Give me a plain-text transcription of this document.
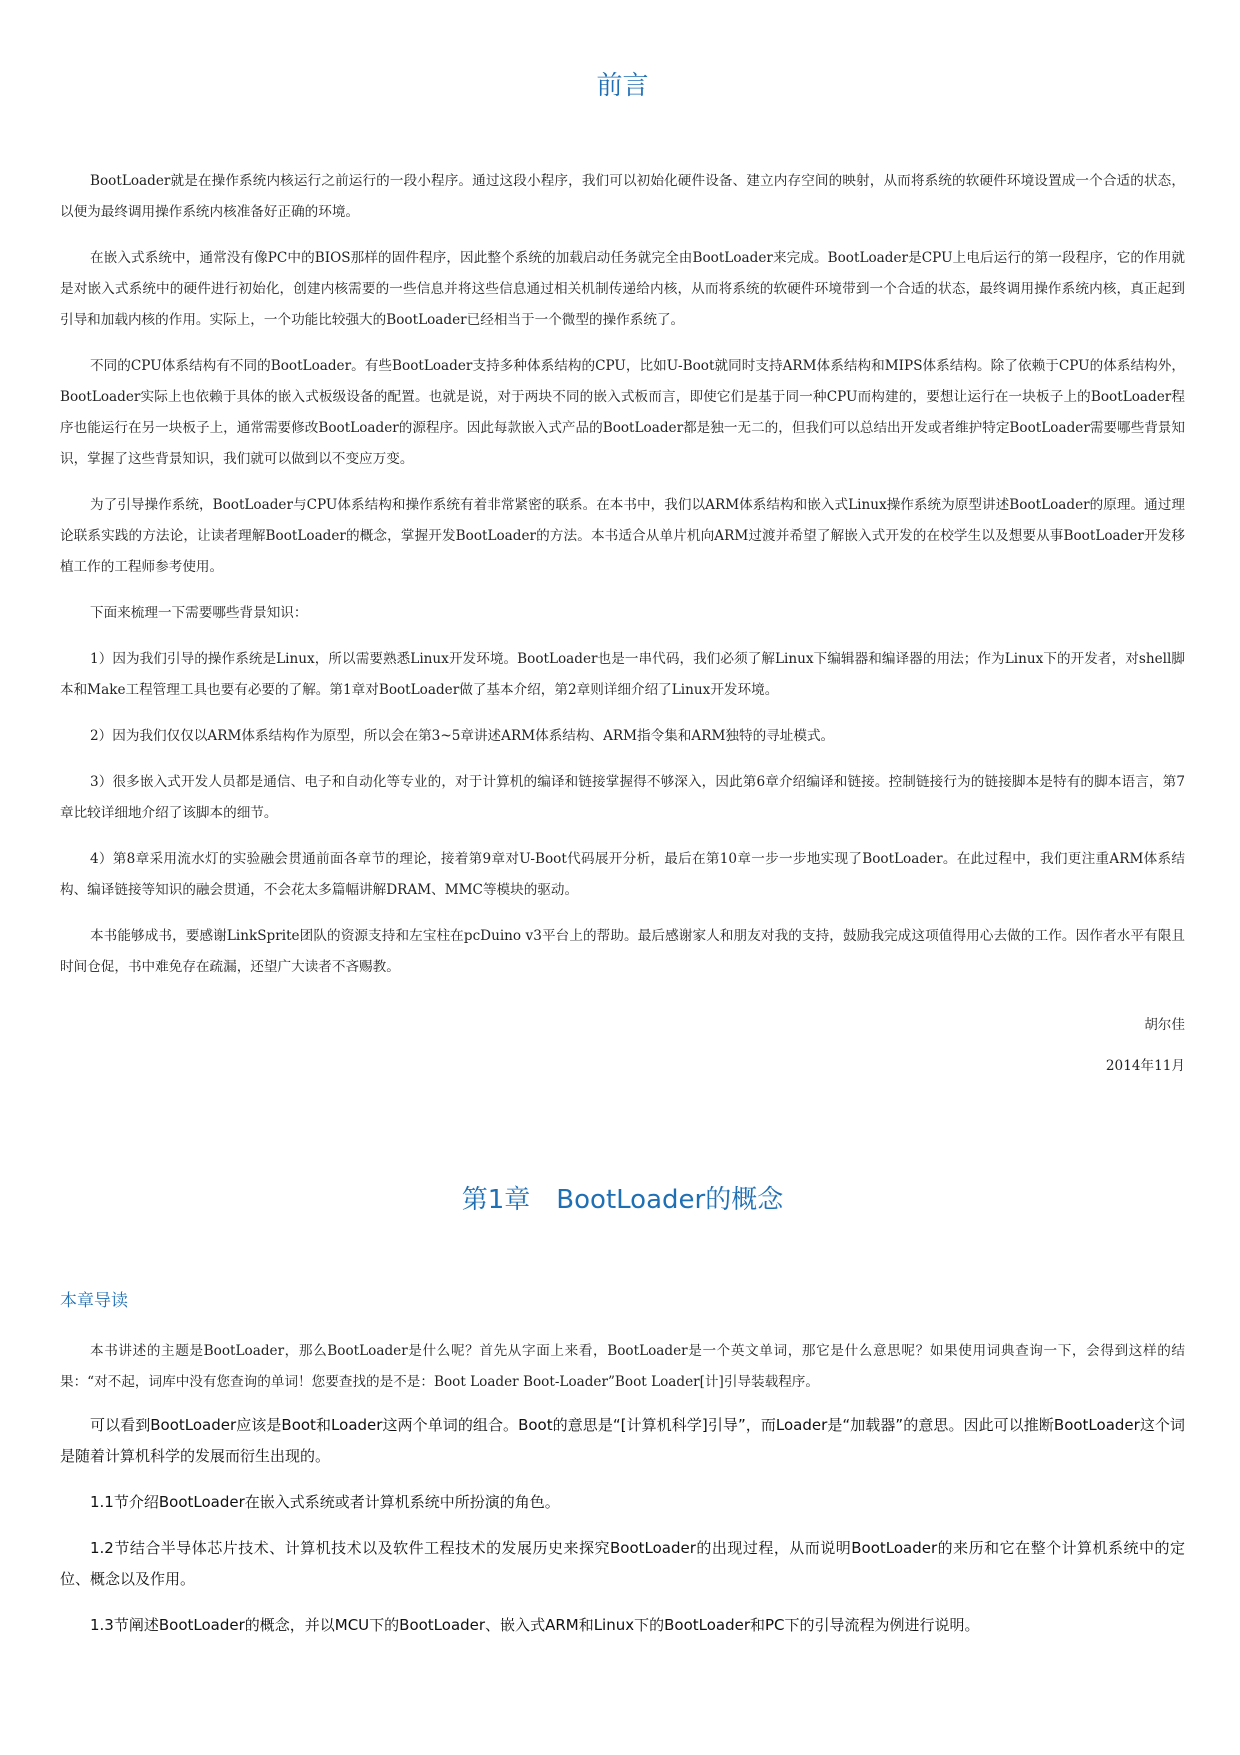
前言

BootLoader就是在操作系统内核运行之前运行的一段小程序。通过这段小程序，我们可以初始化硬件设备、建立内存空间的映射，从而将系统的软硬件环境设置成一个合适的状态，以便为最终调用操作系统内核准备好正确的环境。

在嵌入式系统中，通常没有像PC中的BIOS那样的固件程序，因此整个系统的加载启动任务就完全由BootLoader来完成。BootLoader是CPU上电后运行的第一段程序，它的作用就是对嵌入式系统中的硬件进行初始化，创建内核需要的一些信息并将这些信息通过相关机制传递给内核，从而将系统的软硬件环境带到一个合适的状态，最终调用操作系统内核，真正起到引导和加载内核的作用。实际上，一个功能比较强大的BootLoader已经相当于一个微型的操作系统了。

不同的CPU体系结构有不同的BootLoader。有些BootLoader支持多种体系结构的CPU，比如U-Boot就同时支持ARM体系结构和MIPS体系结构。除了依赖于CPU的体系结构外，BootLoader实际上也依赖于具体的嵌入式板级设备的配置。也就是说，对于两块不同的嵌入式板而言，即使它们是基于同一种CPU而构建的，要想让运行在一块板子上的BootLoader程序也能运行在另一块板子上，通常需要修改BootLoader的源程序。因此每款嵌入式产品的BootLoader都是独一无二的，但我们可以总结出开发或者维护特定BootLoader需要哪些背景知识，掌握了这些背景知识，我们就可以做到以不变应万变。

为了引导操作系统，BootLoader与CPU体系结构和操作系统有着非常紧密的联系。在本书中，我们以ARM体系结构和嵌入式Linux操作系统为原型讲述BootLoader的原理。通过理论联系实践的方法论，让读者理解BootLoader的概念，掌握开发BootLoader的方法。本书适合从单片机向ARM过渡并希望了解嵌入式开发的在校学生以及想要从事BootLoader开发移植工作的工程师参考使用。

下面来梳理一下需要哪些背景知识：

1）因为我们引导的操作系统是Linux，所以需要熟悉Linux开发环境。BootLoader也是一串代码，我们必须了解Linux下编辑器和编译器的用法；作为Linux下的开发者，对shell脚本和Make工程管理工具也要有必要的了解。第1章对BootLoader做了基本介绍，第2章则详细介绍了Linux开发环境。

2）因为我们仅仅以ARM体系结构作为原型，所以会在第3~5章讲述ARM体系结构、ARM指令集和ARM独特的寻址模式。

3）很多嵌入式开发人员都是通信、电子和自动化等专业的，对于计算机的编译和链接掌握得不够深入，因此第6章介绍编译和链接。控制链接行为的链接脚本是特有的脚本语言，第7章比较详细地介绍了该脚本的细节。

4）第8章采用流水灯的实验融会贯通前面各章节的理论，接着第9章对U-Boot代码展开分析，最后在第10章一步一步地实现了BootLoader。在此过程中，我们更注重ARM体系结构、编译链接等知识的融会贯通，不会花太多篇幅讲解DRAM、MMC等模块的驱动。

本书能够成书，要感谢LinkSprite团队的资源支持和左宝柱在pcDuino v3平台上的帮助。最后感谢家人和朋友对我的支持，鼓励我完成这项值得用心去做的工作。因作者水平有限且时间仓促，书中难免存在疏漏，还望广大读者不吝赐教。

胡尔佳
2014年11月
第1章　BootLoader的概念
本章导读

本书讲述的主题是BootLoader，那么BootLoader是什么呢？首先从字面上来看，BootLoader是一个英文单词，那它是什么意思呢？如果使用词典查询一下，会得到这样的结果：“对不起，词库中没有您查询的单词！您要查找的是不是：Boot Loader Boot-Loader”Boot Loader[计]引导装载程序。

可以看到BootLoader应该是Boot和Loader这两个单词的组合。Boot的意思是“[计算机科学]引导”，而Loader是“加载器”的意思。因此可以推断BootLoader这个词是随着计算机科学的发展而衍生出现的。

1.1节介绍BootLoader在嵌入式系统或者计算机系统中所扮演的角色。

1.2节结合半导体芯片技术、计算机技术以及软件工程技术的发展历史来探究BootLoader的出现过程，从而说明BootLoader的来历和它在整个计算机系统中的定位、概念以及作用。

1.3节阐述BootLoader的概念，并以MCU下的BootLoader、嵌入式ARM和Linux下的BootLoader和PC下的引导流程为例进行说明。
